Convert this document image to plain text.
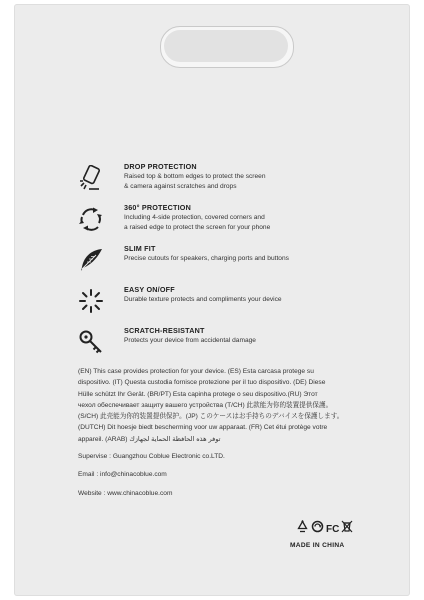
DROP PROTECTION
Raised top & bottom edges to protect the screen
& camera against scratches and drops
360° PROTECTION
Including 4-side protection, covered corners and
a raised edge to protect the screen for your phone
SLIM FIT
Precise cutouts for speakers, charging ports and buttons
EASY ON/OFF
Durable texture protects and compliments your device
SCRATCH-RESISTANT
Protects your device from accidental damage
(EN) This case provides protection for your device. (ES) Esta carcasa protege su
dispositivo. (IT) Questa custodia fornisce protezione per il tuo dispositivo. (DE) Diese
Hülle schützt Ihr Gerät. (BR/PT) Esta capinha protege o seu dispositivo.(RU) Этот
чехол обеспечивает защиту вашего устройства (T/CH) 此款能为你的装置提供保護。
(S/CH) 此壳能为你的装置提供保护。(JP) このケースはお手持ちのデバイスを保護します。
(DUTCH) Dit hoesje biedt bescherming voor uw apparaat. (FR) Cet étui protège votre
appareil. (ARAB) توفر هذه الحافظة الحماية لجهازك
Supervise : Guangzhou Coblue Electronic co.LTD.
Email : info@chinacoblue.com
Website : www.chinacoblue.com
FC
MADE IN CHINA
